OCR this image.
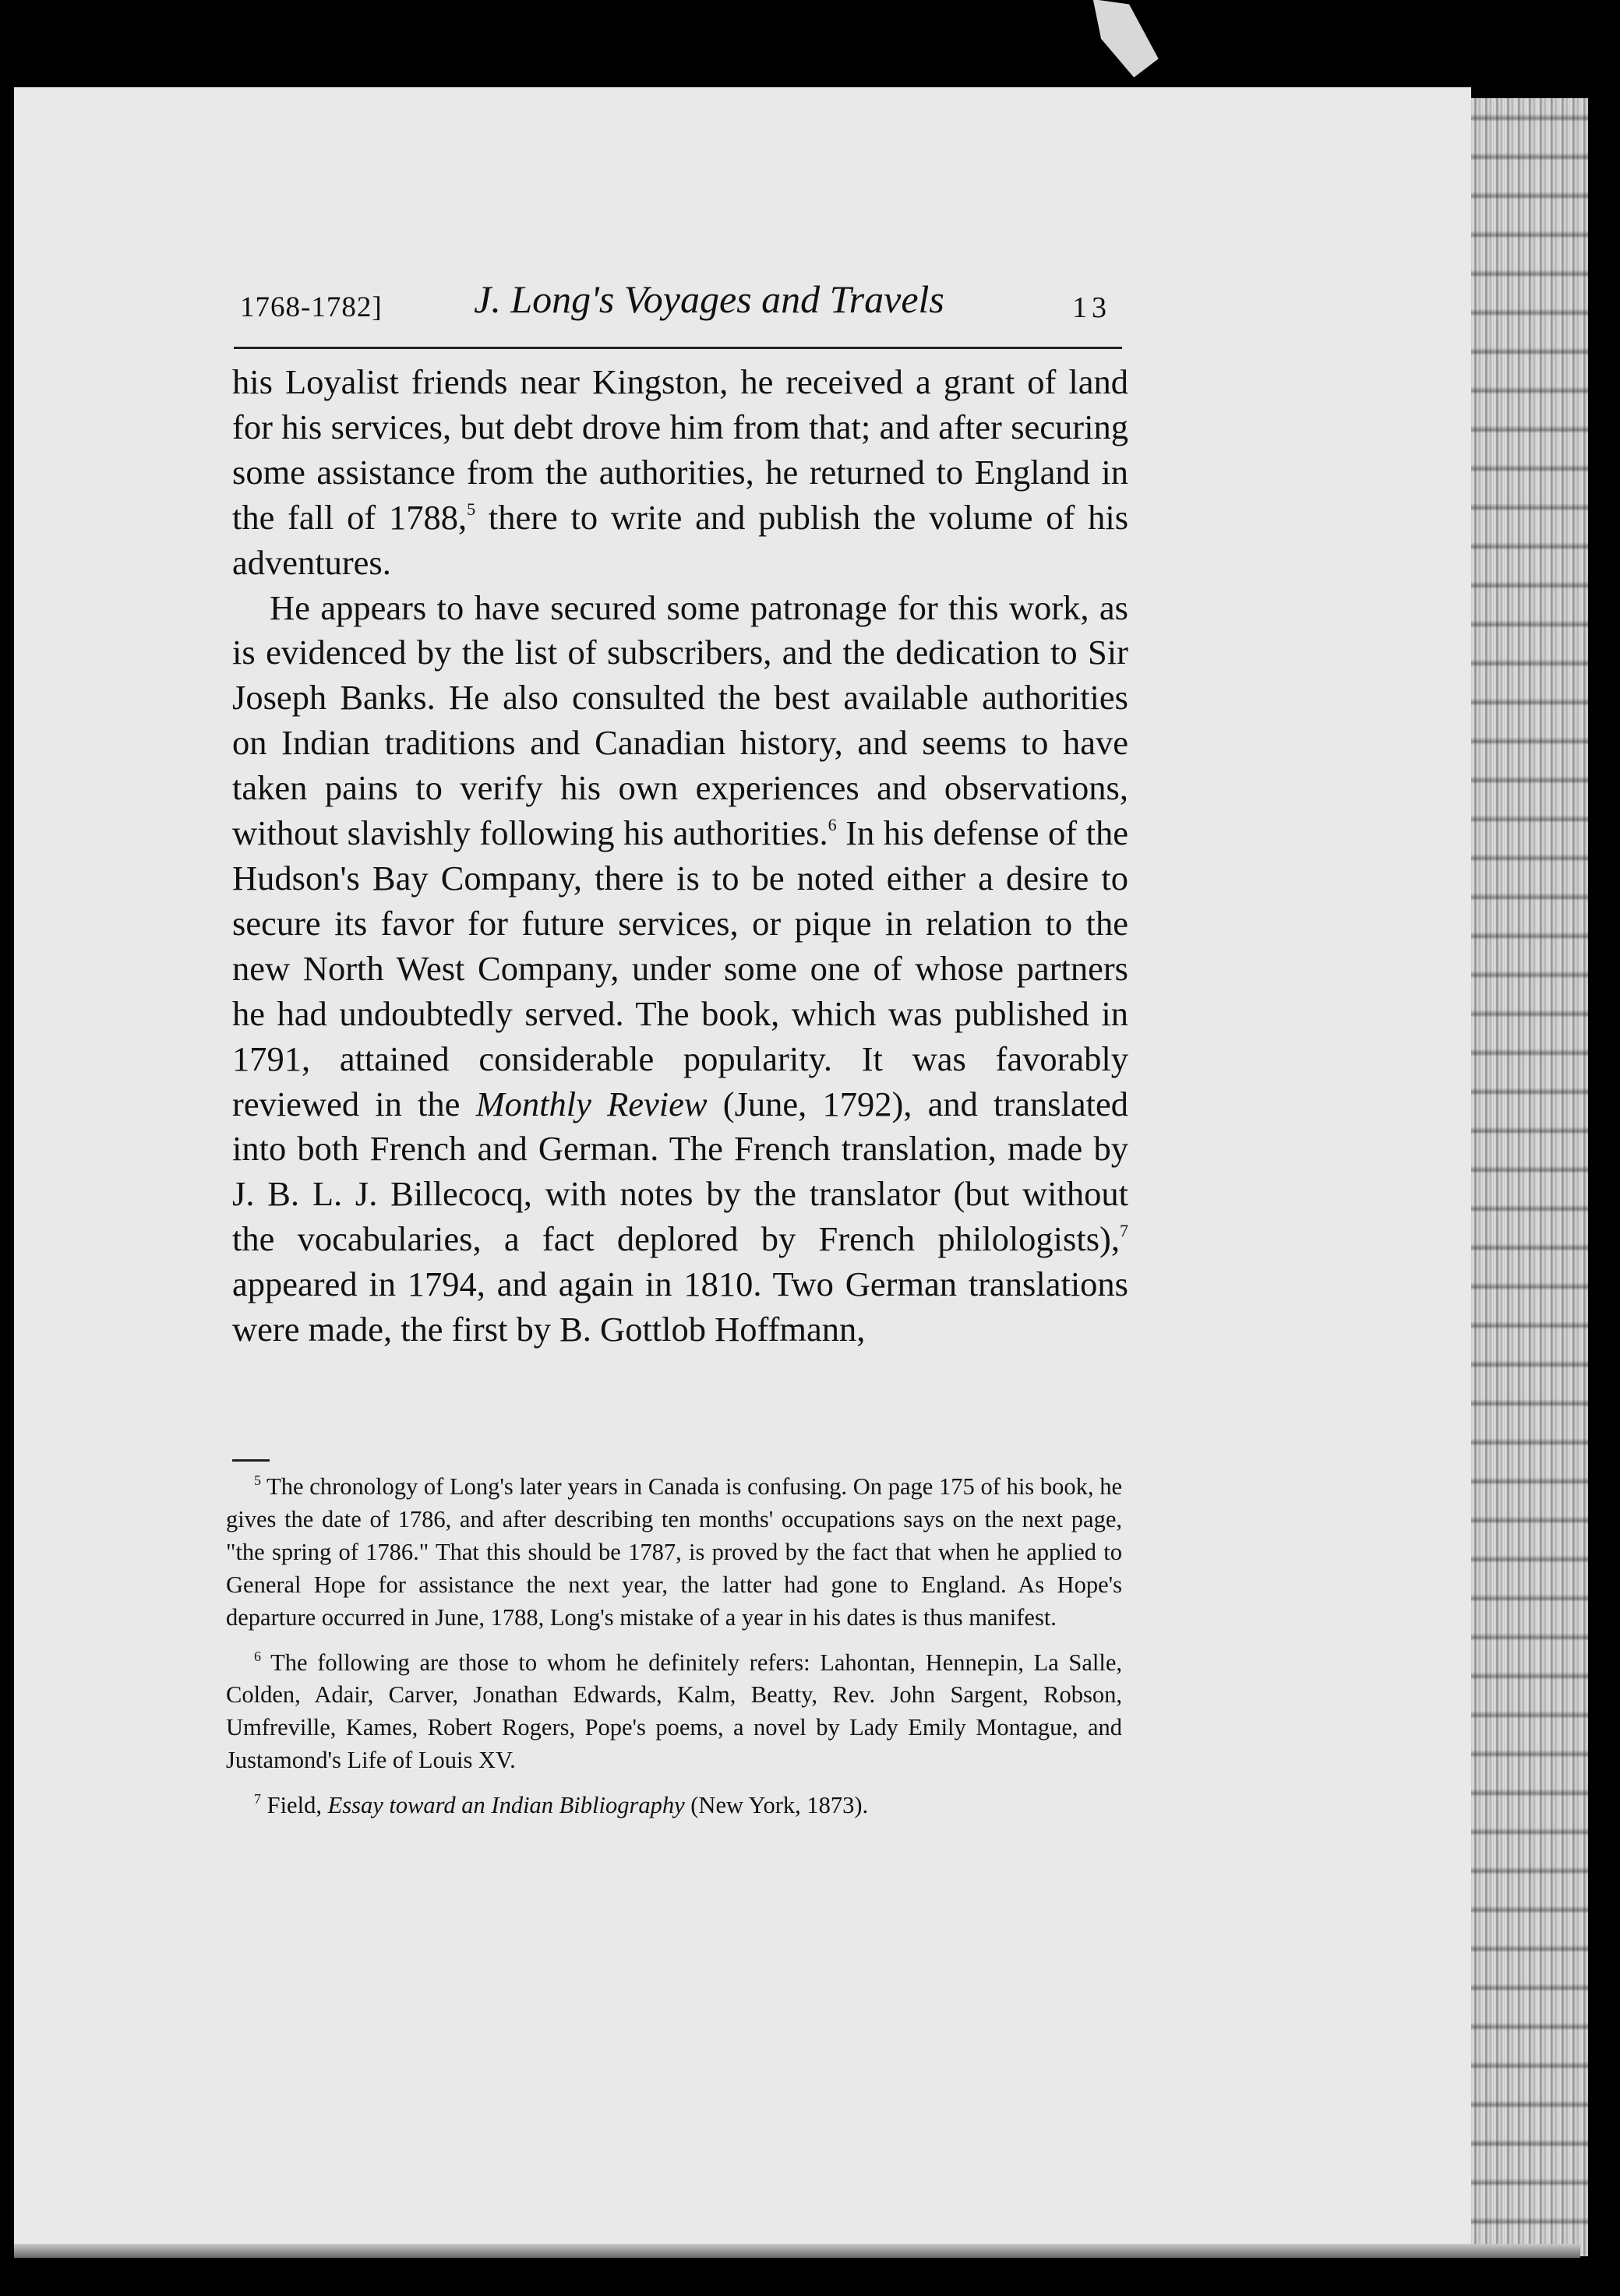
1768-1782]	J. Long's Voyages and Travels	13

his Loyalist friends near Kingston, he received a grant of land for his services, but debt drove him from that; and after securing some assistance from the authorities, he returned to England in the fall of 1788,$^5$ there to write and publish the volume of his adventures.

He appears to have secured some patronage for this work, as is evidenced by the list of subscribers, and the dedication to Sir Joseph Banks. He also consulted the best available authorities on Indian traditions and Canadian history, and seems to have taken pains to verify his own experiences and observations, without slavishly following his authorities.$^6$ In his defense of the Hudson's Bay Company, there is to be noted either a desire to secure its favor for future services, or pique in relation to the new North West Company, under some one of whose partners he had undoubtedly served. The book, which was published in 1791, attained considerable popularity. It was favorably reviewed in the Monthly Review (June, 1792), and translated into both French and German. The French translation, made by J. B. L. J. Billecocq, with notes by the translator (but without the vocabularies, a fact deplored by French philologists),$^7$ appeared in 1794, and again in 1810. Two German translations were made, the first by B. Gottlob Hoffmann,

$^5$ The chronology of Long's later years in Canada is confusing. On page 175 of his book, he gives the date of 1786, and after describing ten months' occupations says on the next page, "the spring of 1786." That this should be 1787, is proved by the fact that when he applied to General Hope for assistance the next year, the latter had gone to England. As Hope's departure occurred in June, 1788, Long's mistake of a year in his dates is thus manifest.

$^6$ The following are those to whom he definitely refers: Lahontan, Hennepin, La Salle, Colden, Adair, Carver, Jonathan Edwards, Kalm, Beatty, Rev. John Sargent, Robson, Umfreville, Kames, Robert Rogers, Pope's poems, a novel by Lady Emily Montague, and Justamond's Life of Louis XV.

$^7$ Field, Essay toward an Indian Bibliography (New York, 1873).
